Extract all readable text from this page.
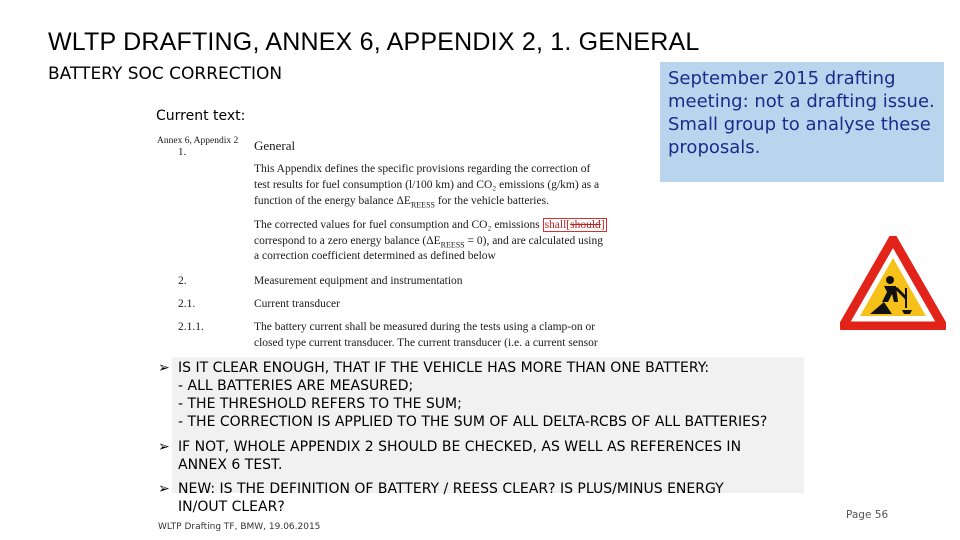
WLTP DRAFTING, ANNEX 6, APPENDIX 2, 1. GENERAL
BATTERY SOC CORRECTION
Current text:
Annex 6, Appendix 2
1.	General
This Appendix defines the specific provisions regarding the correction of
test results for fuel consumption (l/100 km) and CO₂ emissions (g/km) as a
function of the energy balance $\Delta E_{REESS}$ for the vehicle batteries.
The corrected values for fuel consumption and CO₂ emissions shall[should]
correspond to a zero energy balance $(\Delta E_{REESS} = 0)$, and are calculated using
a correction coefficient determined as defined below
2.	Measurement equipment and instrumentation
2.1.	Current transducer
2.1.1.	The battery current shall be measured during the tests using a clamp-on or
closed type current transducer. The current transducer (i.e. a current sensor
September 2015 drafting meeting: not a drafting issue. Small group to analyse these proposals.
➢ IS IT CLEAR ENOUGH, THAT IF THE VEHICLE HAS MORE THAN ONE BATTERY:
- ALL BATTERIES ARE MEASURED;
- THE THRESHOLD REFERS TO THE SUM;
- THE CORRECTION IS APPLIED TO THE SUM OF ALL DELTA-RCBS OF ALL BATTERIES?
➢ IF NOT, WHOLE APPENDIX 2 SHOULD BE CHECKED, AS WELL AS REFERENCES IN
ANNEX 6 TEST.
➢ NEW: IS THE DEFINITION OF BATTERY / REESS CLEAR? IS PLUS/MINUS ENERGY
IN/OUT CLEAR?
WLTP Drafting TF, BMW, 19.06.2015
Page 56
